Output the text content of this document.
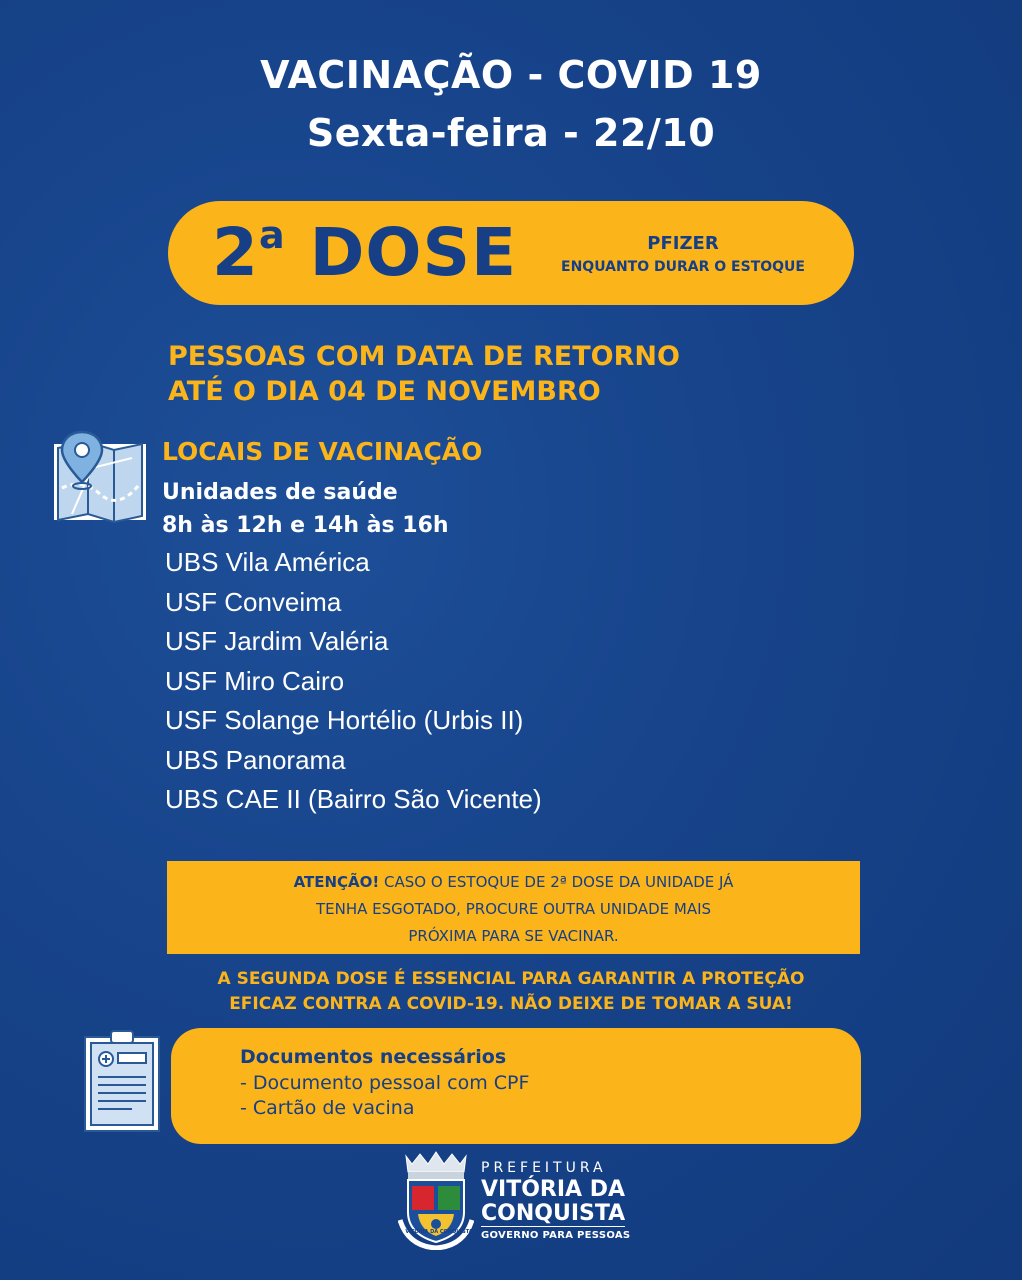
VACINAÇÃO - COVID 19
Sexta-feira - 22/10
2$^a$ DOSE	PFIZER
ENQUANTO DURAR O ESTOQUE
PESSOAS COM DATA DE RETORNO
ATÉ O DIA 04 DE NOVEMBRO
LOCAIS DE VACINAÇÃO
Unidades de saúde
8h às 12h e 14h às 16h
UBS Vila América
USF Conveima
USF Jardim Valéria
USF Miro Cairo
USF Solange Hortélio (Urbis II)
UBS Panorama
UBS CAE II (Bairro São Vicente)
ATENÇÃO! CASO O ESTOQUE DE 2ª DOSE DA UNIDADE JÁ
TENHA ESGOTADO, PROCURE OUTRA UNIDADE MAIS
PRÓXIMA PARA SE VACINAR.
A SEGUNDA DOSE É ESSENCIAL PARA GARANTIR A PROTEÇÃO
EFICAZ CONTRA A COVID-19. NÃO DEIXE DE TOMAR A SUA!
Documentos necessários
- Documento pessoal com CPF
- Cartão de vacina
VITÓRIA DA CONQUISTA
PREFEITURA
VITÓRIA DA
CONQUISTA
GOVERNO PARA PESSOAS
